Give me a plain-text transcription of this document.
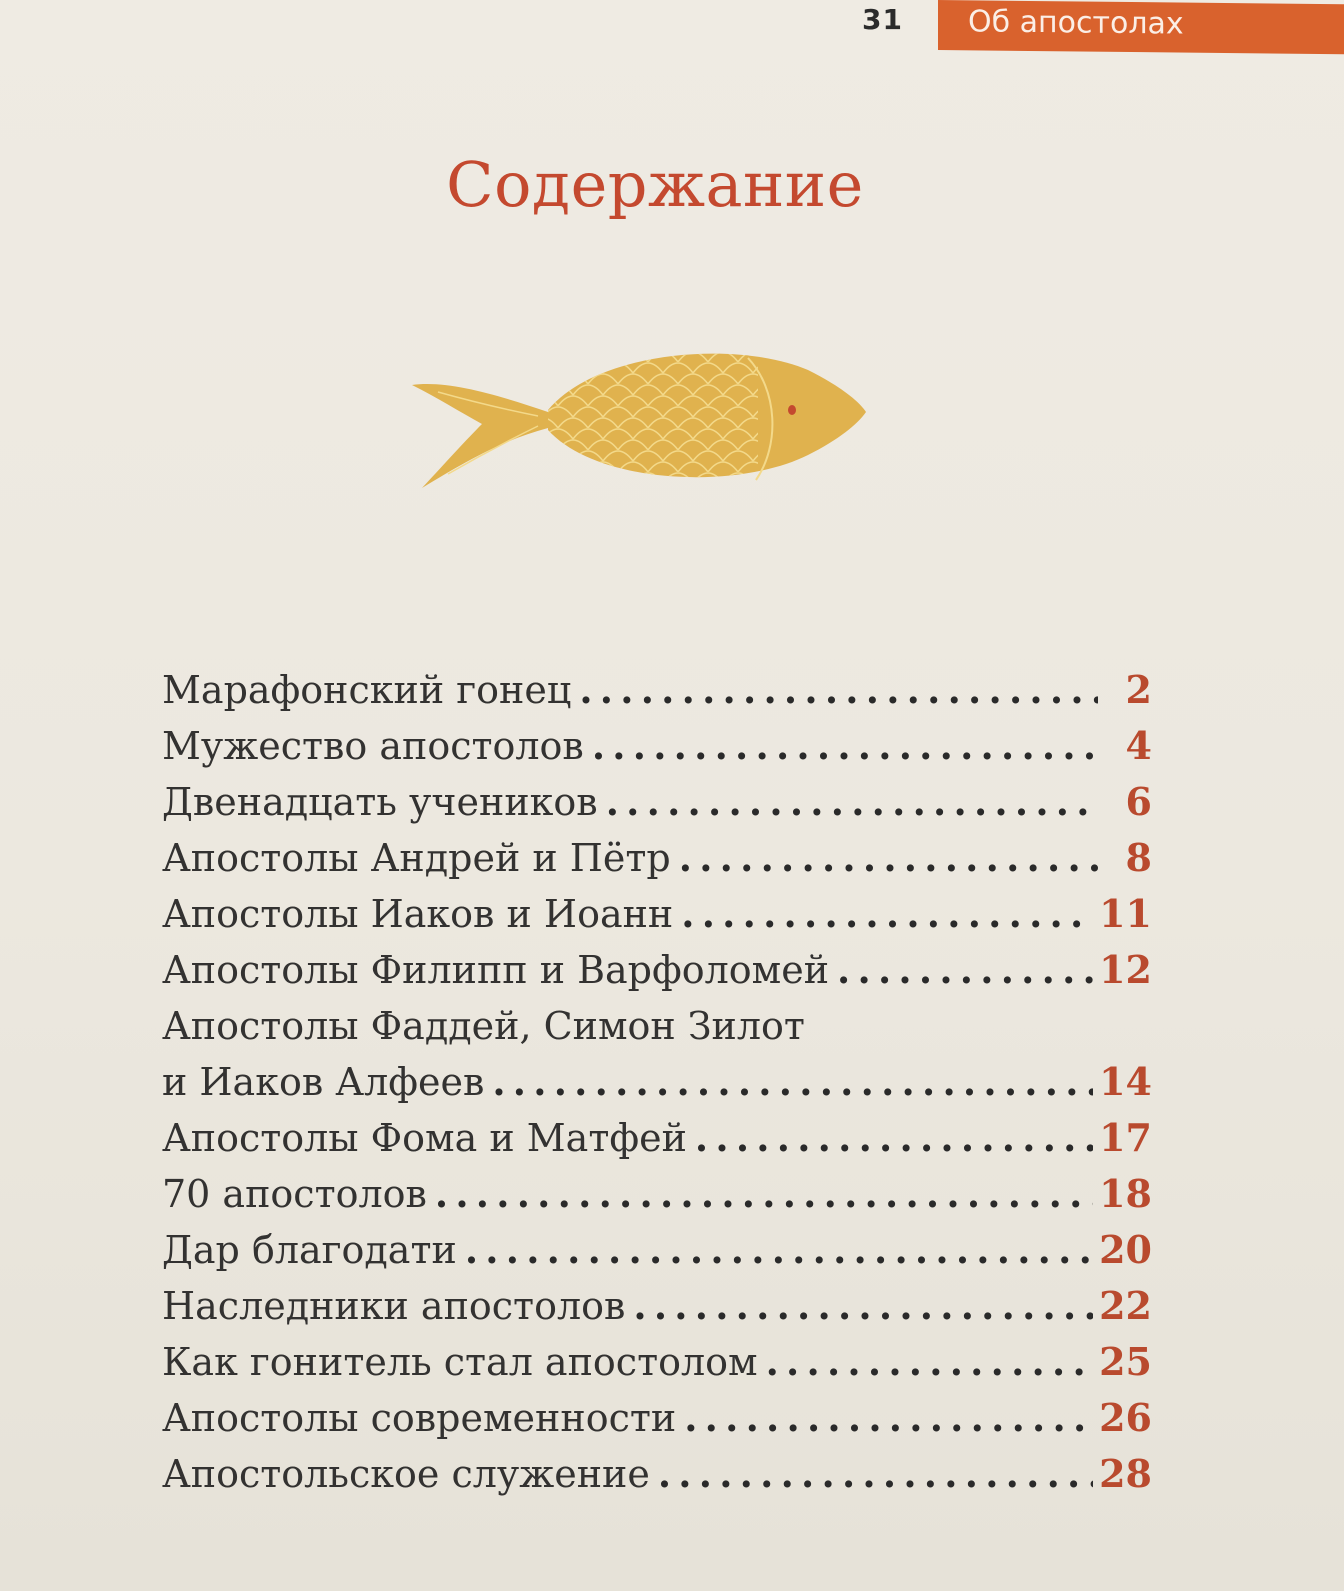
31	Об апостолах
Содержание
Марафонский гонец . . .	2
Мужество апостолов . . .	4
Двенадцать учеников . . .	6
Апостолы Андрей и Пётр . . .	8
Апостолы Иаков и Иоанн . . .	11
Апостолы Филипп и Варфоломей . . .	12
Апостолы Фаддей, Симон Зилот
и Иаков Алфеев . . .	14
Апостолы Фома и Матфей . . .	17
70 апостолов . . .	18
Дар благодати . . .	20
Наследники апостолов . . .	22
Как гонитель стал апостолом . . .	25
Апостолы современности . . .	26
Апостольское служение . . .	28
